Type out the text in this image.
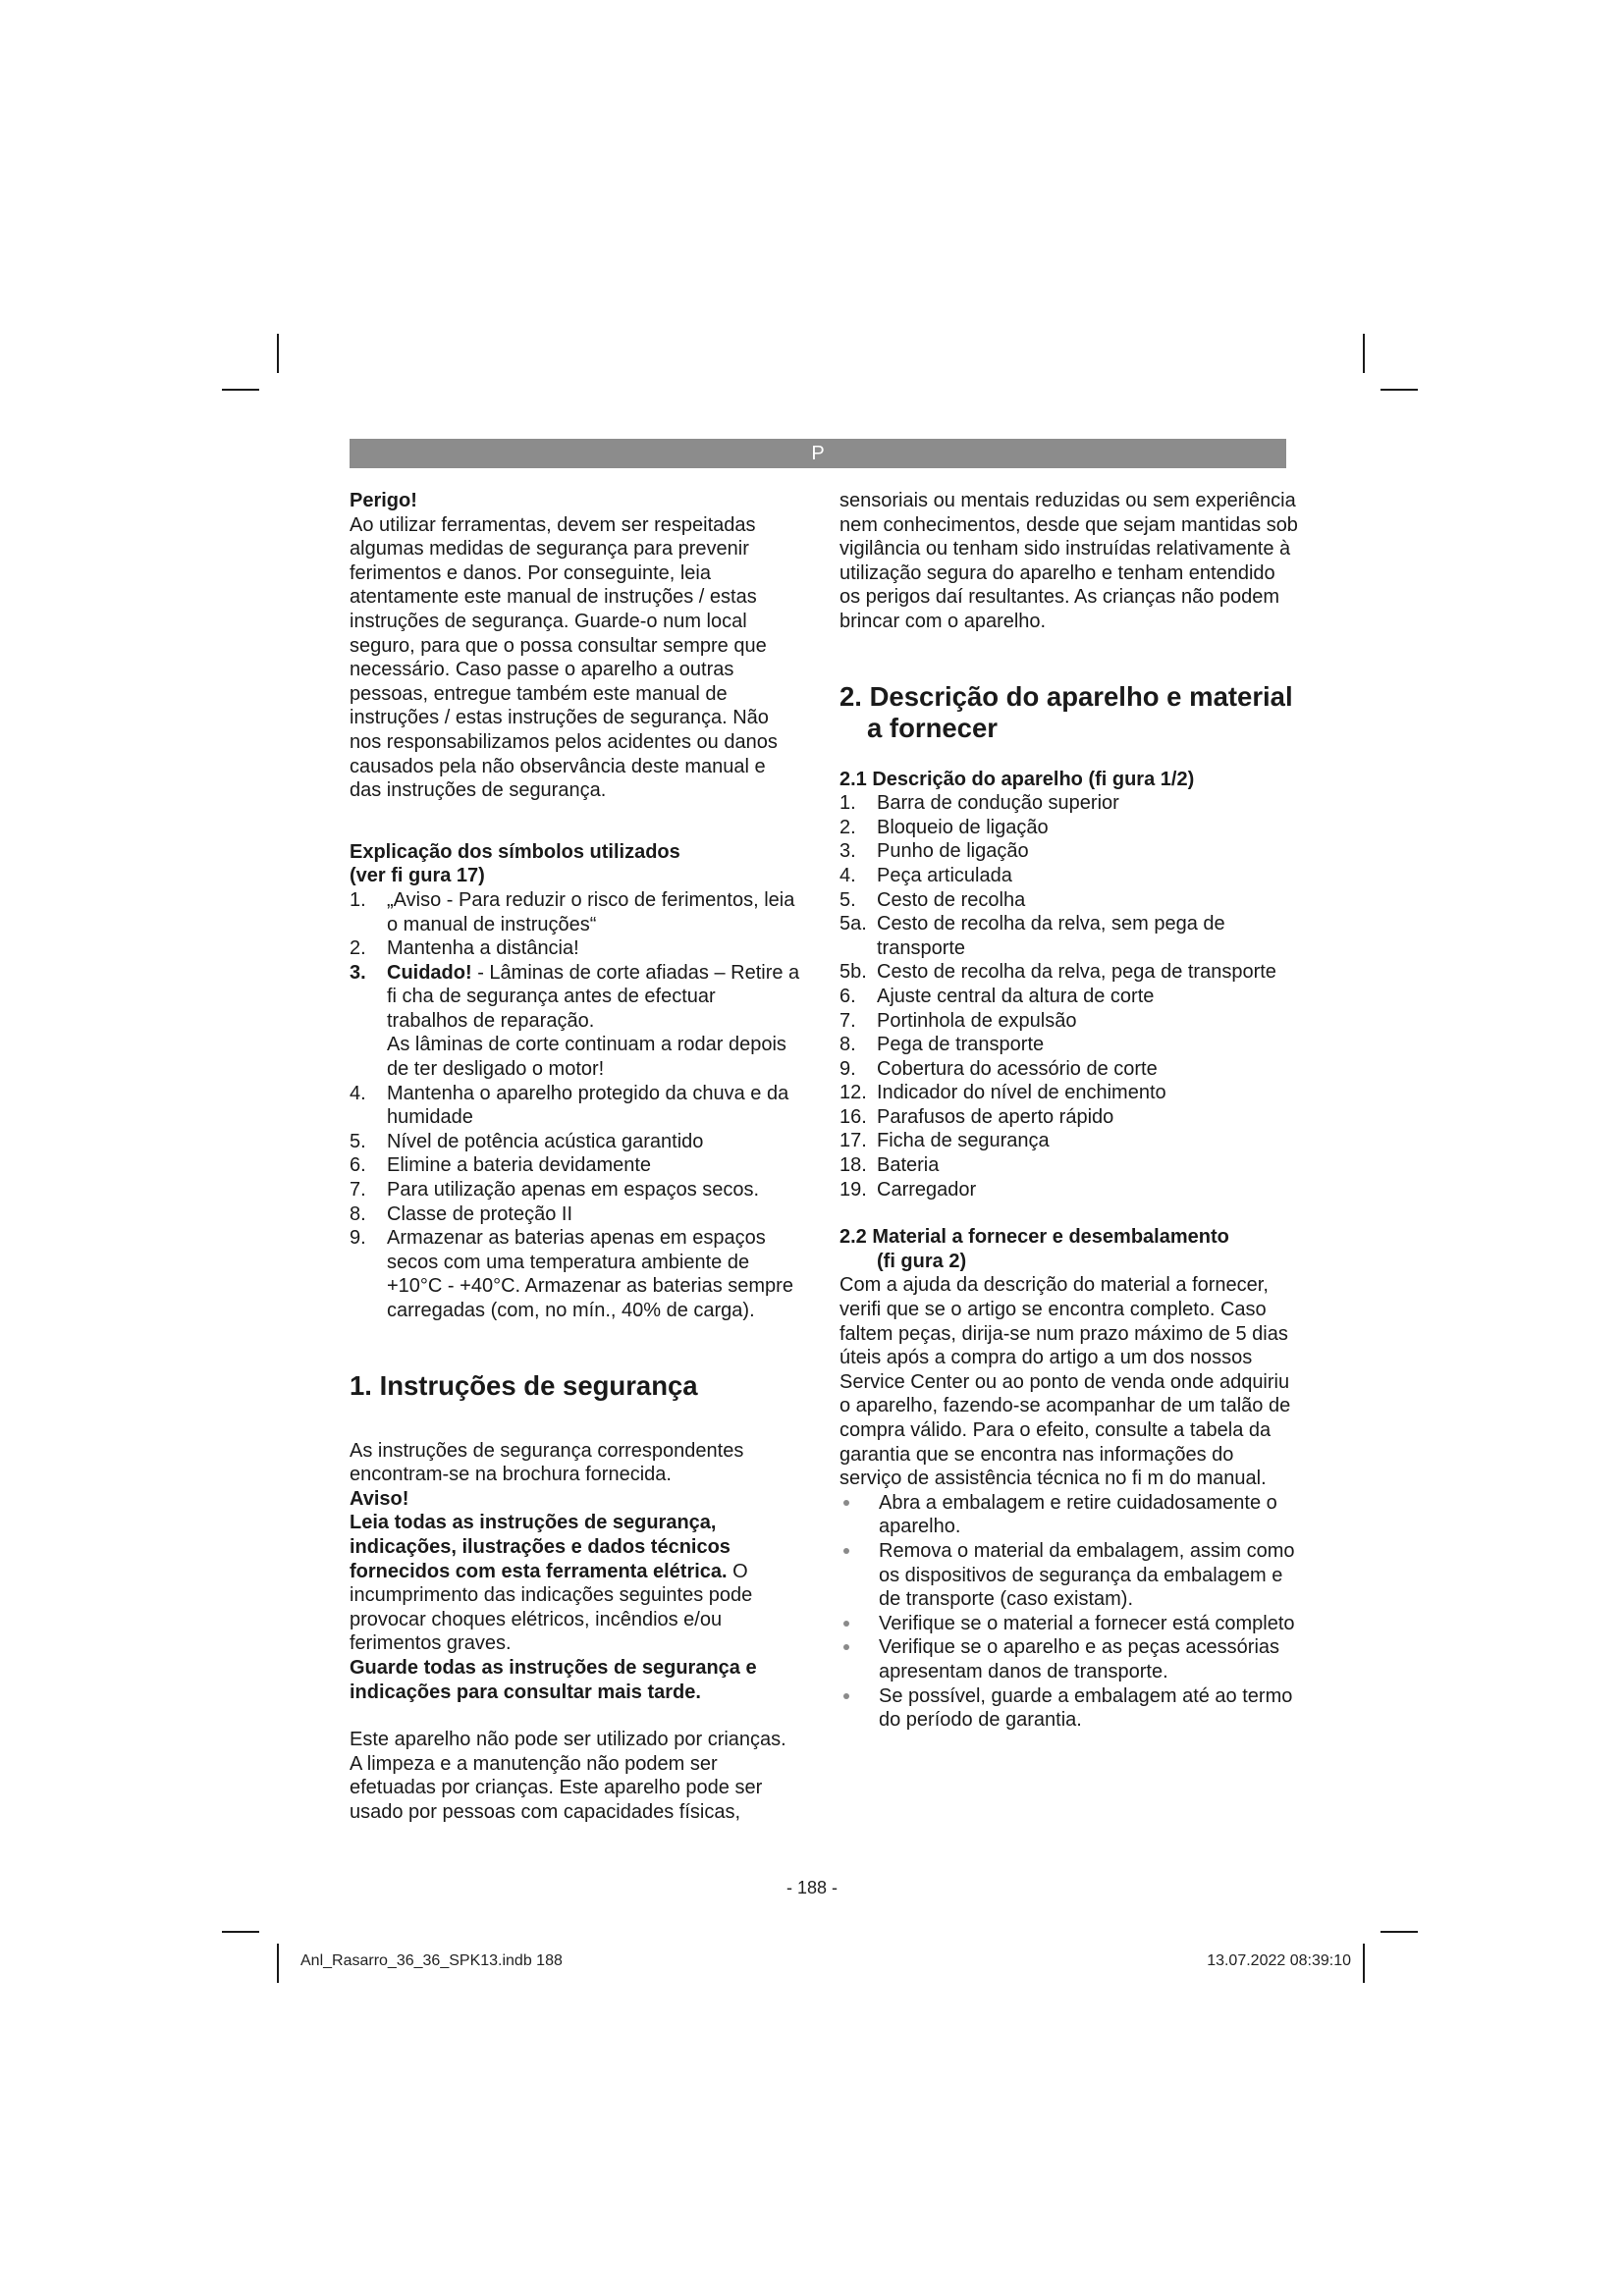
P

Perigo!

Ao utilizar ferramentas, devem ser respeitadas algumas medidas de segurança para prevenir ferimentos e danos. Por conseguinte, leia atentamente este manual de instruções / estas instruções de segurança. Guarde-o num local seguro, para que o possa consultar sempre que necessário. Caso passe o aparelho a outras pessoas, entregue também este manual de instruções / estas instruções de segurança. Não nos responsabilizamos pelos acidentes ou danos causados pela não observância deste manual e das instruções de segurança.

Explicação dos símbolos utilizados

(ver fi gura 17)

1. „Aviso - Para reduzir o risco de ferimentos, leia o manual de instruções“
2. Mantenha a distância!
3. Cuidado! - Lâminas de corte afiadas – Retire a fi cha de segurança antes de efectuar trabalhos de reparação.
As lâminas de corte continuam a rodar depois de ter desligado o motor!
4. Mantenha o aparelho protegido da chuva e da humidade
5. Nível de potência acústica garantido
6. Elimine a bateria devidamente
7. Para utilização apenas em espaços secos.
8. Classe de proteção II
9. Armazenar as baterias apenas em espaços secos com uma temperatura ambiente de +10°C - +40°C. Armazenar as baterias sempre carregadas (com, no mín., 40% de carga).

1. Instruções de segurança

As instruções de segurança correspondentes encontram-se na brochura fornecida.

Aviso!

Leia todas as instruções de segurança, indicações, ilustrações e dados técnicos fornecidos com esta ferramenta elétrica. O incumprimento das indicações seguintes pode provocar choques elétricos, incêndios e/ou ferimentos graves.

Guarde todas as instruções de segurança e indicações para consultar mais tarde.

Este aparelho não pode ser utilizado por crianças. A limpeza e a manutenção não podem ser efetuadas por crianças. Este aparelho pode ser usado por pessoas com capacidades físicas,

sensoriais ou mentais reduzidas ou sem experiência nem conhecimentos, desde que sejam mantidas sob vigilância ou tenham sido instruídas relativamente à utilização segura do aparelho e tenham entendido os perigos daí resultantes. As crianças não podem brincar com o aparelho.

2. Descrição do aparelho e material
a fornecer

2.1 Descrição do aparelho (fi gura 1/2)

1. Barra de condução superior
2. Bloqueio de ligação
3. Punho de ligação
4. Peça articulada
5. Cesto de recolha
5a. Cesto de recolha da relva, sem pega de transporte
5b. Cesto de recolha da relva, pega de transporte
6. Ajuste central da altura de corte
7. Portinhola de expulsão
8. Pega de transporte
9. Cobertura do acessório de corte
12. Indicador do nível de enchimento
16. Parafusos de aperto rápido
17. Ficha de segurança
18. Bateria
19. Carregador

2.2 Material a fornecer e desembalamento
(fi gura 2)

Com a ajuda da descrição do material a fornecer, verifi que se o artigo se encontra completo. Caso faltem peças, dirija-se num prazo máximo de 5 dias úteis após a compra do artigo a um dos nossos Service Center ou ao ponto de venda onde adquiriu o aparelho, fazendo-se acompanhar de um talão de compra válido. Para o efeito, consulte a tabela da garantia que se encontra nas informações do serviço de assistência técnica no fi m do manual.

Abra a embalagem e retire cuidadosamente o aparelho.
Remova o material da embalagem, assim como os dispositivos de segurança da embalagem e de transporte (caso existam).
Verifique se o material a fornecer está completo
Verifique se o aparelho e as peças acessórias apresentam danos de transporte.
Se possível, guarde a embalagem até ao termo do período de garantia.
- 188 -
Anl_Rasarro_36_36_SPK13.indb 188	13.07.2022 08:39:10
